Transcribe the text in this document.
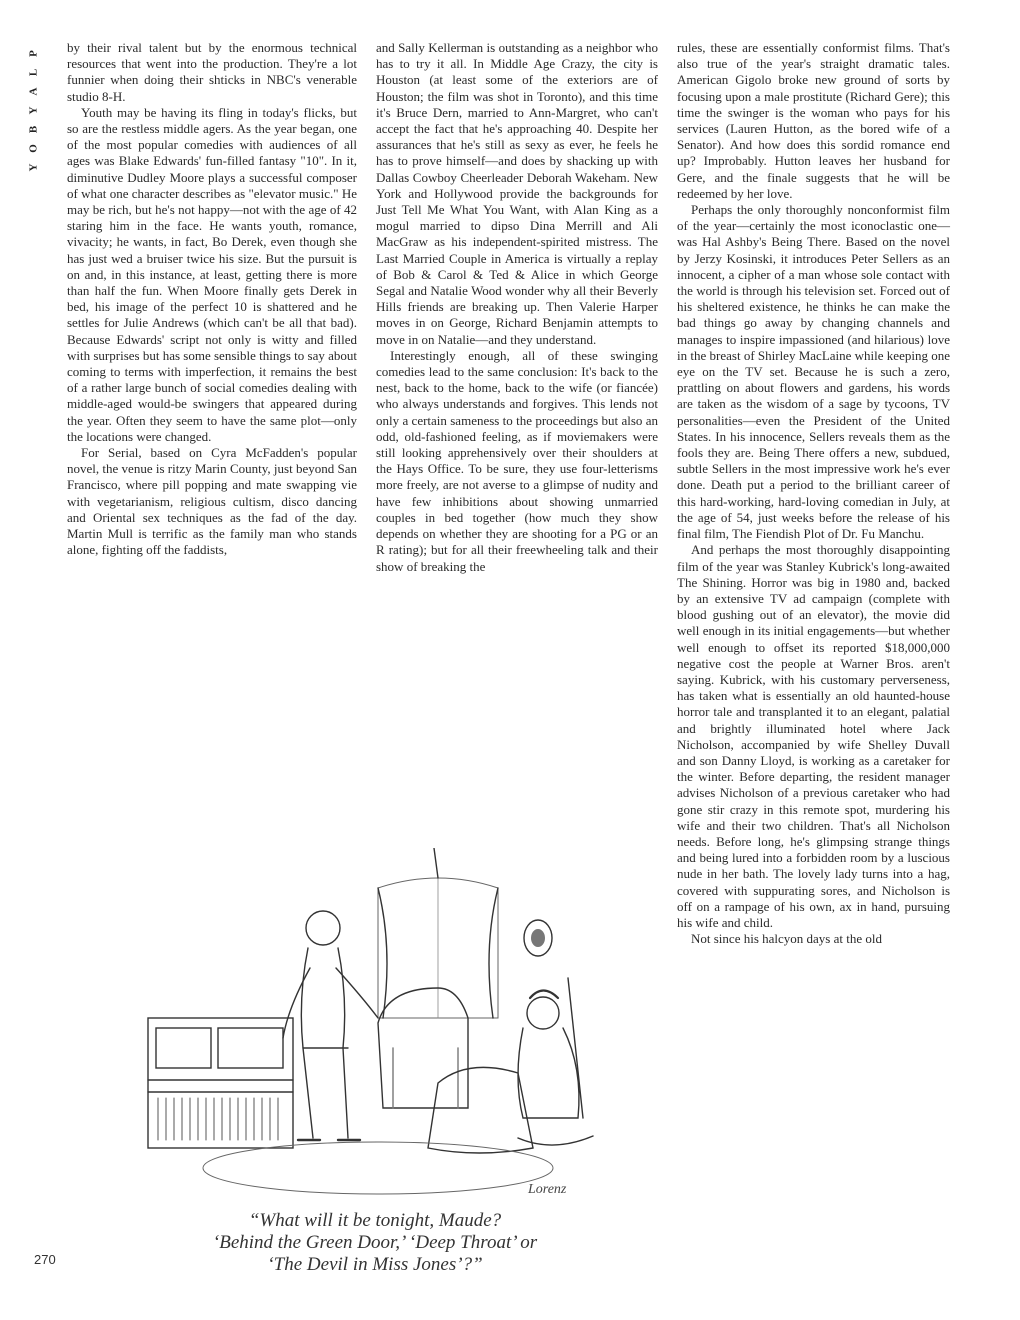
P
L
A
Y
B
O
Y

by their rival talent but by the enormous technical resources that went into the production. They're a lot funnier when doing their shticks in NBC's venerable studio 8-H.

Youth may be having its fling in today's flicks, but so are the restless middle agers. As the year began, one of the most popular comedies with audiences of all ages was Blake Edwards' fun-filled fantasy "10". In it, diminutive Dudley Moore plays a successful composer of what one character describes as "elevator music." He may be rich, but he's not happy—not with the age of 42 staring him in the face. He wants youth, romance, vivacity; he wants, in fact, Bo Derek, even though she has just wed a bruiser twice his size. But the pursuit is on and, in this instance, at least, getting there is more than half the fun. When Moore finally gets Derek in bed, his image of the perfect 10 is shattered and he settles for Julie Andrews (which can't be all that bad). Because Edwards' script not only is witty and filled with surprises but has some sensible things to say about coming to terms with imperfection, it remains the best of a rather large bunch of social comedies dealing with middle-aged would-be swingers that appeared during the year. Often they seem to have the same plot—only the locations were changed.

For Serial, based on Cyra McFadden's popular novel, the venue is ritzy Marin County, just beyond San Francisco, where pill popping and mate swapping vie with vegetarianism, religious cultism, disco dancing and Oriental sex techniques as the fad of the day. Martin Mull is terrific as the family man who stands alone, fighting off the faddists,

and Sally Kellerman is outstanding as a neighbor who has to try it all. In Middle Age Crazy, the city is Houston (at least some of the exteriors are of Houston; the film was shot in Toronto), and this time it's Bruce Dern, married to Ann-Margret, who can't accept the fact that he's approaching 40. Despite her assurances that he's still as sexy as ever, he feels he has to prove himself—and does by shacking up with Dallas Cowboy Cheerleader Deborah Wakeham. New York and Hollywood provide the backgrounds for Just Tell Me What You Want, with Alan King as a mogul married to dipso Dina Merrill and Ali MacGraw as his independent-spirited mistress. The Last Married Couple in America is virtually a replay of Bob & Carol & Ted & Alice in which George Segal and Natalie Wood wonder why all their Beverly Hills friends are breaking up. Then Valerie Harper moves in on George, Richard Benjamin attempts to move in on Natalie—and they understand.

Interestingly enough, all of these swinging comedies lead to the same conclusion: It's back to the nest, back to the home, back to the wife (or fiancée) who always understands and forgives. This lends not only a certain sameness to the proceedings but also an odd, old-fashioned feeling, as if moviemakers were still looking apprehensively over their shoulders at the Hays Office. To be sure, they use four-letterisms more freely, are not averse to a glimpse of nudity and have few inhibitions about showing unmarried couples in bed together (how much they show depends on whether they are shooting for a PG or an R rating); but for all their freewheeling talk and their show of breaking the

rules, these are essentially conformist films. That's also true of the year's straight dramatic tales. American Gigolo broke new ground of sorts by focusing upon a male prostitute (Richard Gere); this time the swinger is the woman who pays for his services (Lauren Hutton, as the bored wife of a Senator). And how does this sordid romance end up? Improbably. Hutton leaves her husband for Gere, and the finale suggests that he will be redeemed by her love.

Perhaps the only thoroughly nonconformist film of the year—certainly the most iconoclastic one—was Hal Ashby's Being There. Based on the novel by Jerzy Kosinski, it introduces Peter Sellers as an innocent, a cipher of a man whose sole contact with the world is through his television set. Forced out of his sheltered existence, he thinks he can make the bad things go away by changing channels and manages to inspire impassioned (and hilarious) love in the breast of Shirley MacLaine while keeping one eye on the TV set. Because he is such a zero, prattling on about flowers and gardens, his words are taken as the wisdom of a sage by tycoons, TV personalities—even the President of the United States. In his innocence, Sellers reveals them as the fools they are. Being There offers a new, subdued, subtle Sellers in the most impressive work he's ever done. Death put a period to the brilliant career of this hard-working, hard-loving comedian in July, at the age of 54, just weeks before the release of his final film, The Fiendish Plot of Dr. Fu Manchu.

And perhaps the most thoroughly disappointing film of the year was Stanley Kubrick's long-awaited The Shining. Horror was big in 1980 and, backed by an extensive TV ad campaign (complete with blood gushing out of an elevator), the movie did well enough in its initial engagements—but whether well enough to offset its reported $18,000,000 negative cost the people at Warner Bros. aren't saying. Kubrick, with his customary perverseness, has taken what is essentially an old haunted-house horror tale and transplanted it to an elegant, palatial and brightly illuminated hotel where Jack Nicholson, accompanied by wife Shelley Duvall and son Danny Lloyd, is working as a caretaker for the winter. Before departing, the resident manager advises Nicholson of a previous caretaker who had gone stir crazy in this remote spot, murdering his wife and their two children. That's all Nicholson needs. Before long, he's glimpsing strange things and being lured into a forbidden room by a luscious nude in her bath. The lovely lady turns into a hag, covered with suppurating sores, and Nicholson is off on a rampage of his own, ax in hand, pursuing his wife and child.

Not since his halcyon days at the old

Lorenz
“What will it be tonight, Maude?
‘Behind the Green Door,’ ‘Deep Throat’ or
‘The Devil in Miss Jones’?”
270
